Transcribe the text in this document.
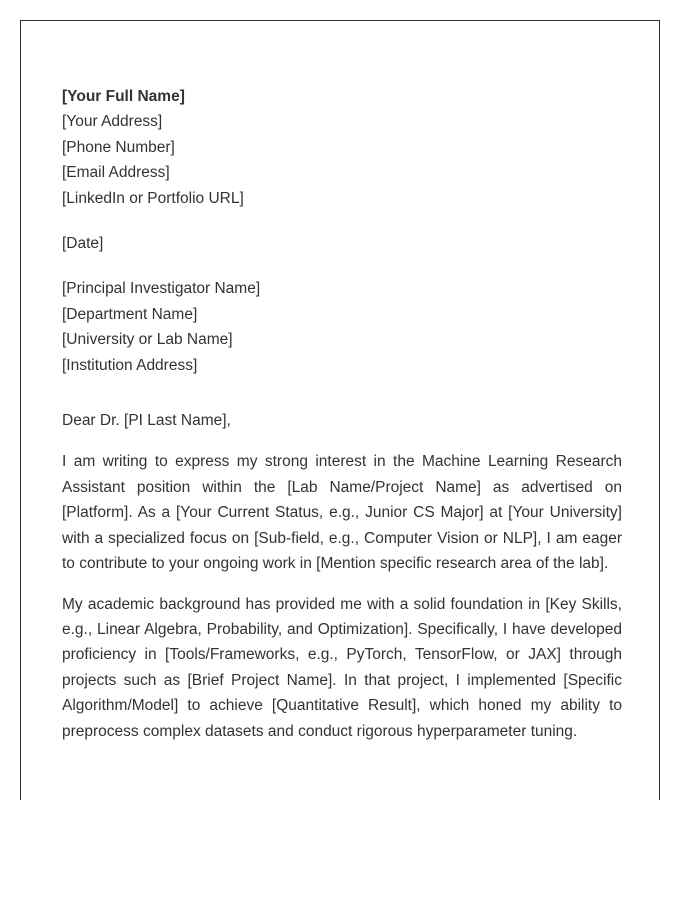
[Your Full Name]
[Your Address]
[Phone Number]
[Email Address]
[LinkedIn or Portfolio URL]
[Date]
[Principal Investigator Name]
[Department Name]
[University or Lab Name]
[Institution Address]
Dear Dr. [PI Last Name],

I am writing to express my strong interest in the Machine Learning Research Assistant position within the [Lab Name/Project Name] as advertised on [Platform]. As a [Your Current Status, e.g., Junior CS Major] at [Your University] with a specialized focus on [Sub-field, e.g., Computer Vision or NLP], I am eager to contribute to your ongoing work in [Mention specific research area of the lab].

My academic background has provided me with a solid foundation in [Key Skills, e.g., Linear Algebra, Probability, and Optimization]. Specifically, I have developed proficiency in [Tools/Frameworks, e.g., PyTorch, TensorFlow, or JAX] through projects such as [Brief Project Name]. In that project, I implemented [Specific Algorithm/Model] to achieve [Quantitative Result], which honed my ability to preprocess complex datasets and conduct rigorous hyperparameter tuning.
